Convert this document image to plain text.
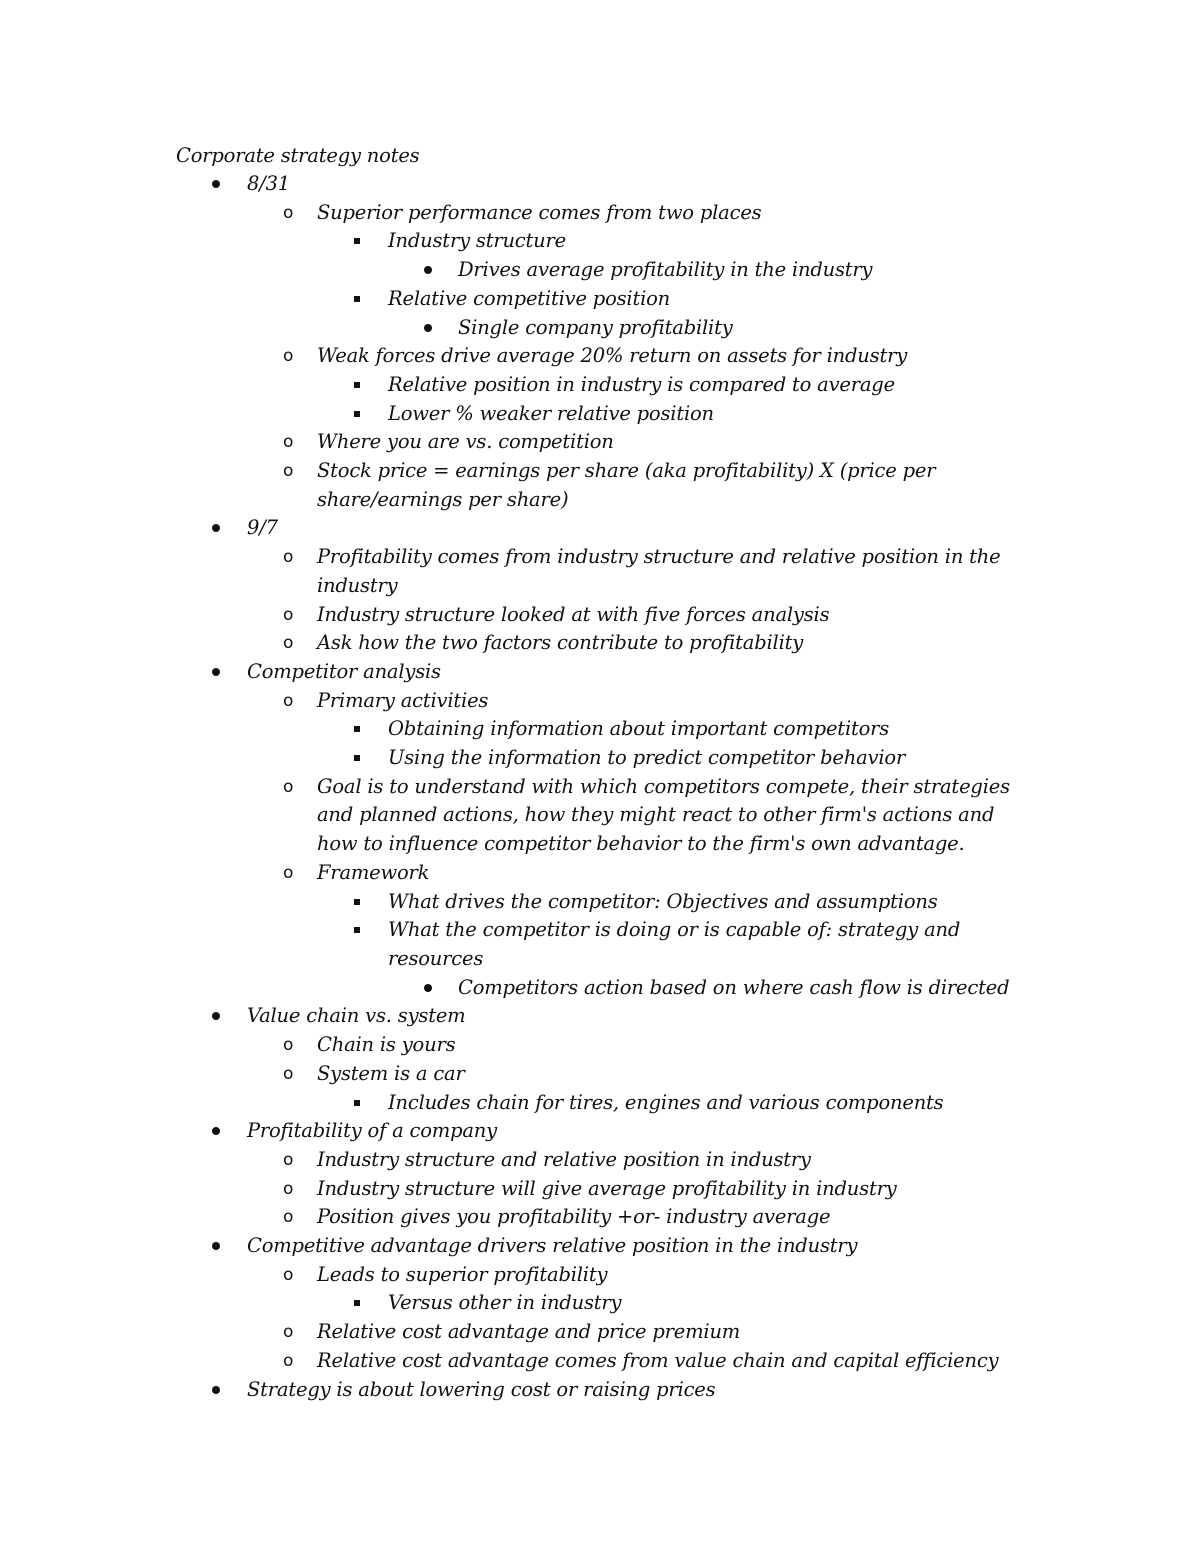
Corporate strategy notes
8/31
o	Superior performance comes from two places
Industry structure
Drives average profitability in the industry
Relative competitive position
Single company profitability
o	Weak forces drive average 20% return on assets for industry
Relative position in industry is compared to average
Lower % weaker relative position
o	Where you are vs. competition
o	Stock price = earnings per share (aka profitability) X (price per share/earnings per share)
9/7
o	Profitability comes from industry structure and relative position in the industry
o	Industry structure looked at with five forces analysis
o	Ask how the two factors contribute to profitability
Competitor analysis
o	Primary activities
Obtaining information about important competitors
Using the information to predict competitor behavior
o	Goal is to understand with which competitors compete, their strategies and planned actions, how they might react to other firm's actions and how to influence competitor behavior to the firm's own advantage.
o	Framework
What drives the competitor: Objectives and assumptions
What the competitor is doing or is capable of: strategy and resources
Competitors action based on where cash flow is directed
Value chain vs. system
o	Chain is yours
o	System is a car
Includes chain for tires, engines and various components
Profitability of a company
o	Industry structure and relative position in industry
o	Industry structure will give average profitability in industry
o	Position gives you profitability +or- industry average
Competitive advantage drivers relative position in the industry
o	Leads to superior profitability
Versus other in industry
o	Relative cost advantage and price premium
o	Relative cost advantage comes from value chain and capital efficiency
Strategy is about lowering cost or raising prices
